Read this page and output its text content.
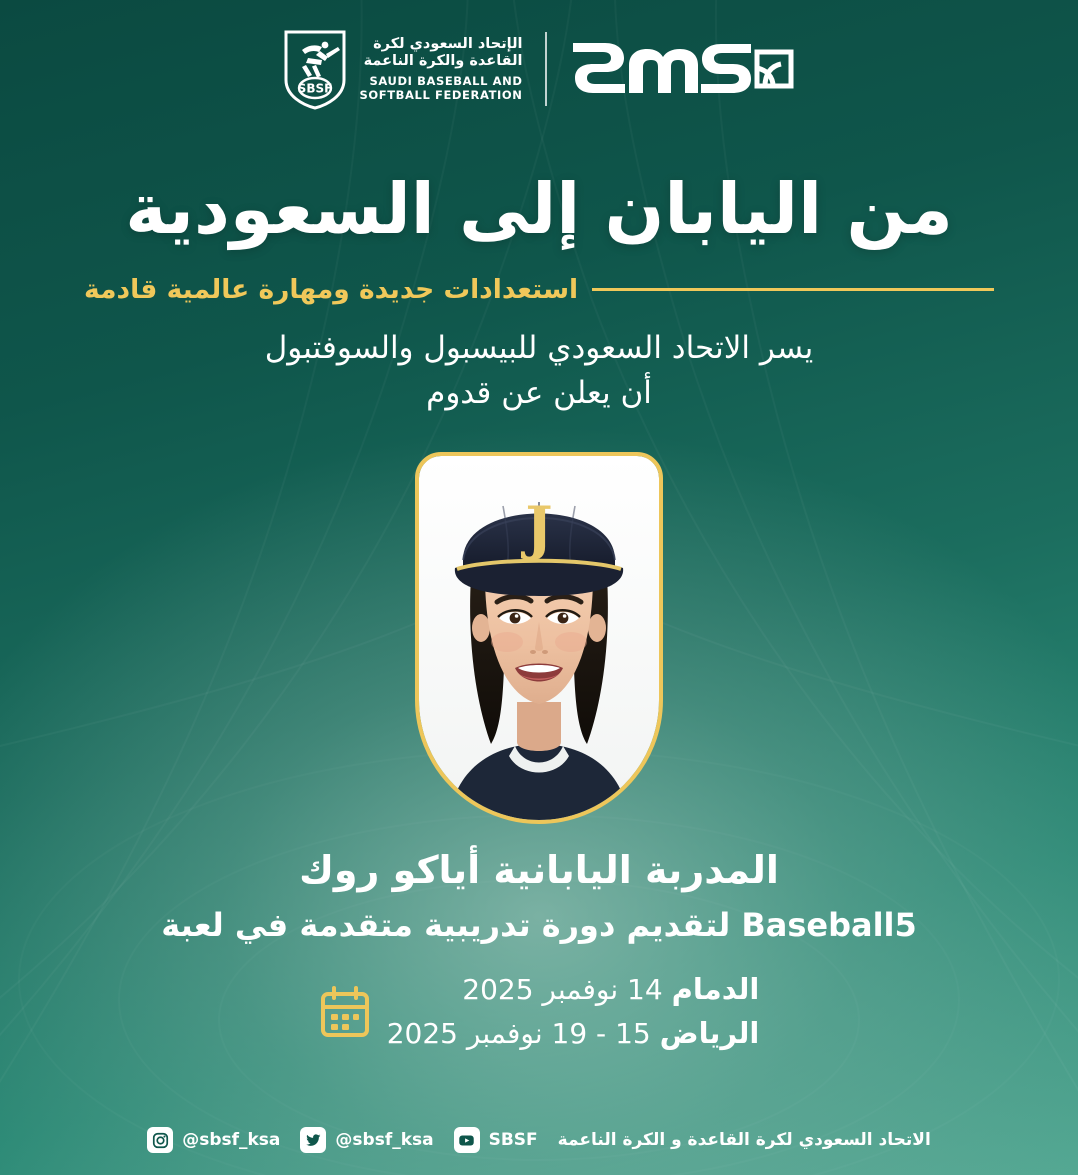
SBSF
الإتحاد السعودي لكرة
القاعدة والكرة الناعمة
SAUDI BASEBALL AND
SOFTBALL FEDERATION
من اليابان إلى السعودية
استعدادات جديدة ومهارة عالمية قادمة
يسر الاتحاد السعودي للبيسبول والسوفتبول
أن يعلن عن قدوم
J
المدربة اليابانية أياكو روك
Baseball5 لتقديم دورة تدريبية متقدمة في لعبة
الدمام 14 نوفمبر 2025
الرياض 15 - 19 نوفمبر 2025
@sbsf_ksa	@sbsf_ksa	SBSF الاتحاد السعودي لكرة القاعدة و الكرة الناعمة
